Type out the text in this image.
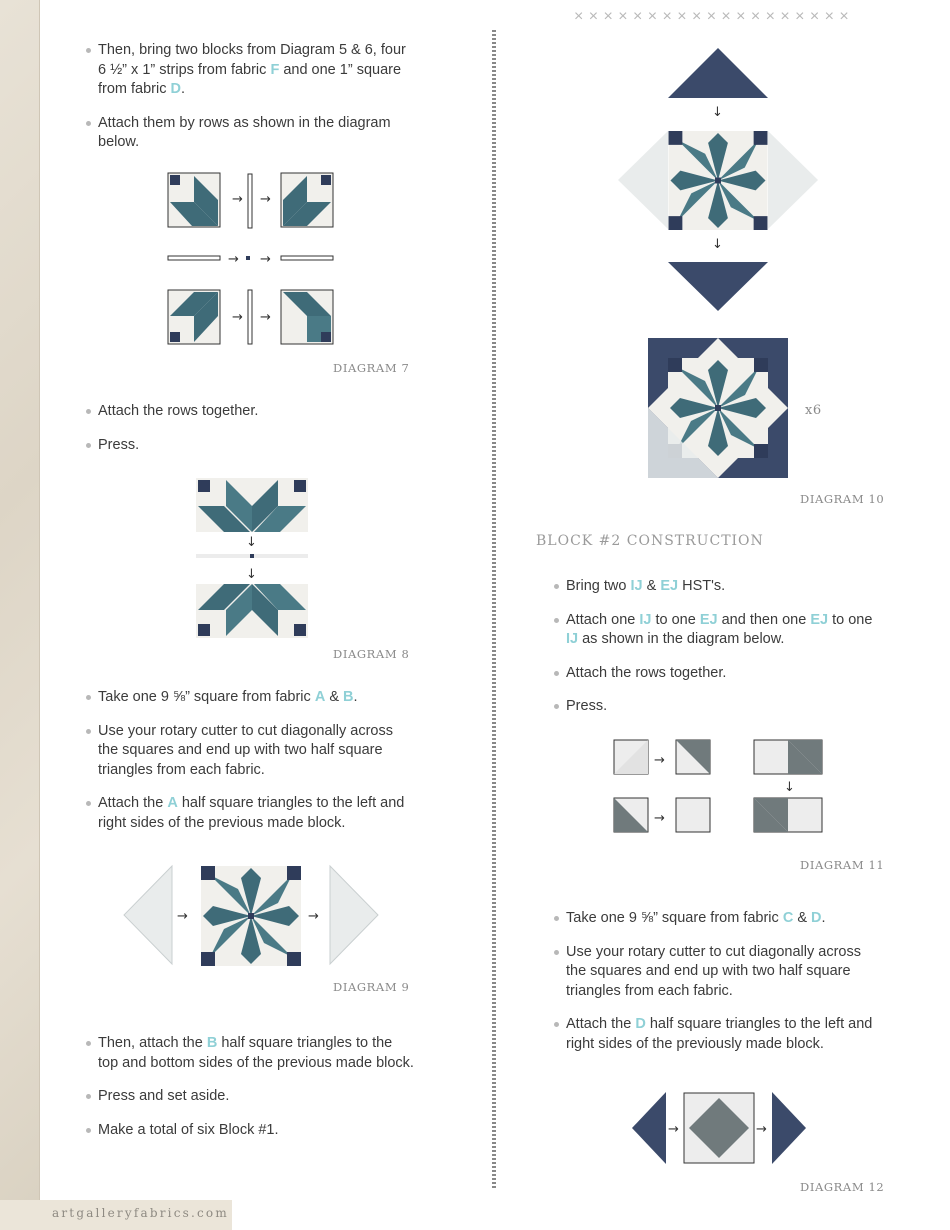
artgalleryfabrics.com
×××××××××××××××××××
Then, bring two blocks from Diagram 5 & 6, four 6 ½” x 1” strips from fabric F and one 1” square from fabric D.
Attach them by rows as shown in the diagram below.
→ →
→ →
→ →
DIAGRAM 7
Attach the rows together.
Press.
↓
↓
DIAGRAM 8
Take one 9 ⅝” square from fabric A & B.
Use your rotary cutter to cut diagonally across the squares and end up with two half square triangles from each fabric.
Attach the A half square triangles to the left and right sides of the previous made block.
→	→
DIAGRAM 9
Then, attach the B half square triangles to the top and bottom sides of the previous made block.
Press and set aside.
Make a total of six Block #1.
↓
↓
x6
DIAGRAM 10
BLOCK #2 CONSTRUCTION
Bring two IJ & EJ HST's.
Attach one IJ to one EJ and then one EJ to one IJ as shown in the diagram below.
Attach the rows together.
Press.
→
↓
→
DIAGRAM 11
Take one 9 ⅝” square from fabric C & D.
Use your rotary cutter to cut diagonally across the squares and end up with two half square triangles from each fabric.
Attach the D half square triangles to the left and right sides of the previously made block.
→	→
DIAGRAM 12
